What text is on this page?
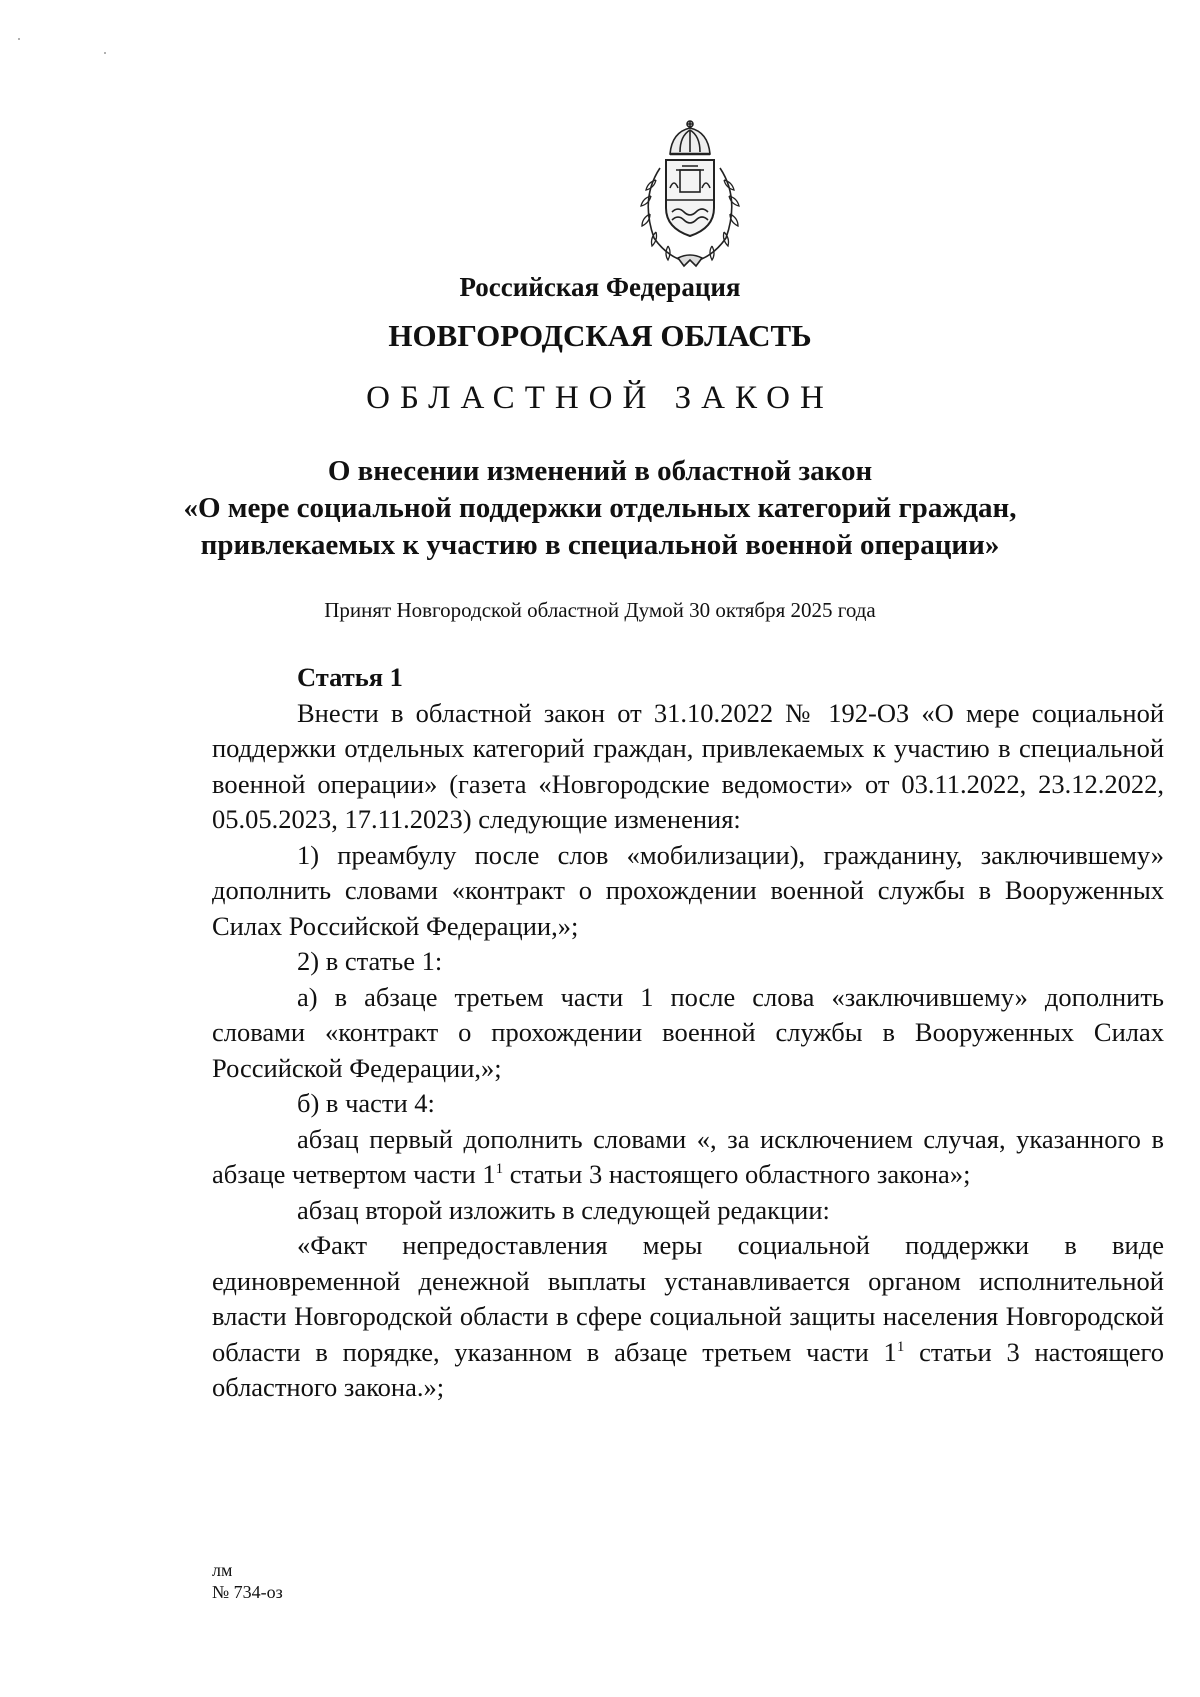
Российская Федерация
НОВГОРОДСКАЯ ОБЛАСТЬ
ОБЛАСТНОЙ ЗАКОН
О внесении изменений в областной закон
«О мере социальной поддержки отдельных категорий граждан,
привлекаемых к участию в специальной военной операции»
Принят Новгородской областной Думой 30 октября 2025 года
Статья 1

Внести в областной закон от 31.10.2022 № 192-ОЗ «О мере социальной поддержки отдельных категорий граждан, привлекаемых к участию в специальной военной операции» (газета «Новгородские ведомости» от 03.11.2022, 23.12.2022, 05.05.2023, 17.11.2023) следующие изменения:

1) преамбулу после слов «мобилизации), гражданину, заключившему» дополнить словами «контракт о прохождении военной службы в Вооруженных Силах Российской Федерации,»;

2) в статье 1:

а) в абзаце третьем части 1 после слова «заключившему» дополнить словами «контракт о прохождении военной службы в Вооруженных Силах Российской Федерации,»;

б) в части 4:

абзац первый дополнить словами «, за исключением случая, указанного в абзаце четвертом части $1^1$ статьи 3 настоящего областного закона»;

абзац второй изложить в следующей редакции:

«Факт непредоставления меры социальной поддержки в виде единовременной денежной выплаты устанавливается органом исполнительной власти Новгородской области в сфере социальной защиты населения Новгородской области в порядке, указанном в абзаце третьем части $1^1$ статьи 3 настоящего областного закона.»;

лм
№ 734-оз
